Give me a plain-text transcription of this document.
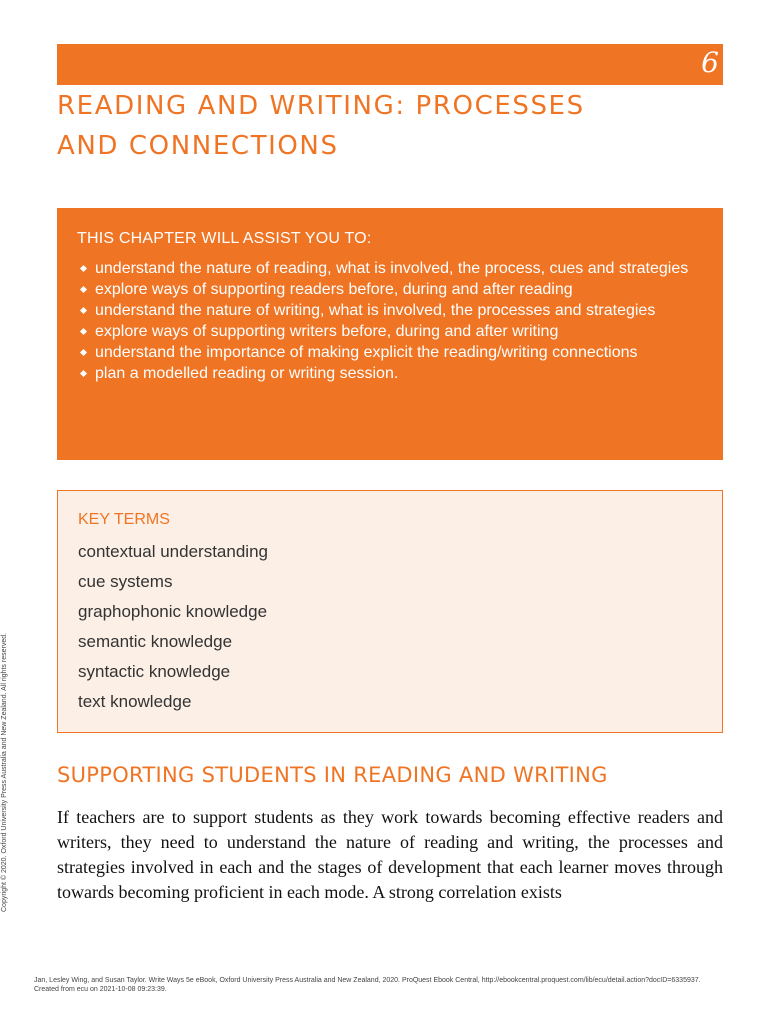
6
READING AND WRITING: PROCESSES
AND CONNECTIONS
THIS CHAPTER WILL ASSIST YOU TO:
understand the nature of reading, what is involved, the process, cues and strategies
explore ways of supporting readers before, during and after reading
understand the nature of writing, what is involved, the processes and strategies
explore ways of supporting writers before, during and after writing
understand the importance of making explicit the reading/writing connections
plan a modelled reading or writing session.
KEY TERMS
contextual understanding
cue systems
graphophonic knowledge
semantic knowledge
syntactic knowledge
text knowledge
SUPPORTING STUDENTS IN READING AND WRITING

If teachers are to support students as they work towards becoming effective readers and writers, they need to understand the nature of reading and writing, the processes and strategies involved in each and the stages of development that each learner moves through towards becoming proficient in each mode. A strong correlation exists

Copyright © 2020. Oxford University Press Australia and New Zealand. All rights reserved.

Jan, Lesley Wing, and Susan Taylor. Write Ways 5e eBook, Oxford University Press Australia and New Zealand, 2020. ProQuest Ebook Central, http://ebookcentral.proquest.com/lib/ecu/detail.action?docID=6335937.
Created from ecu on 2021-10-08 09:23:39.
